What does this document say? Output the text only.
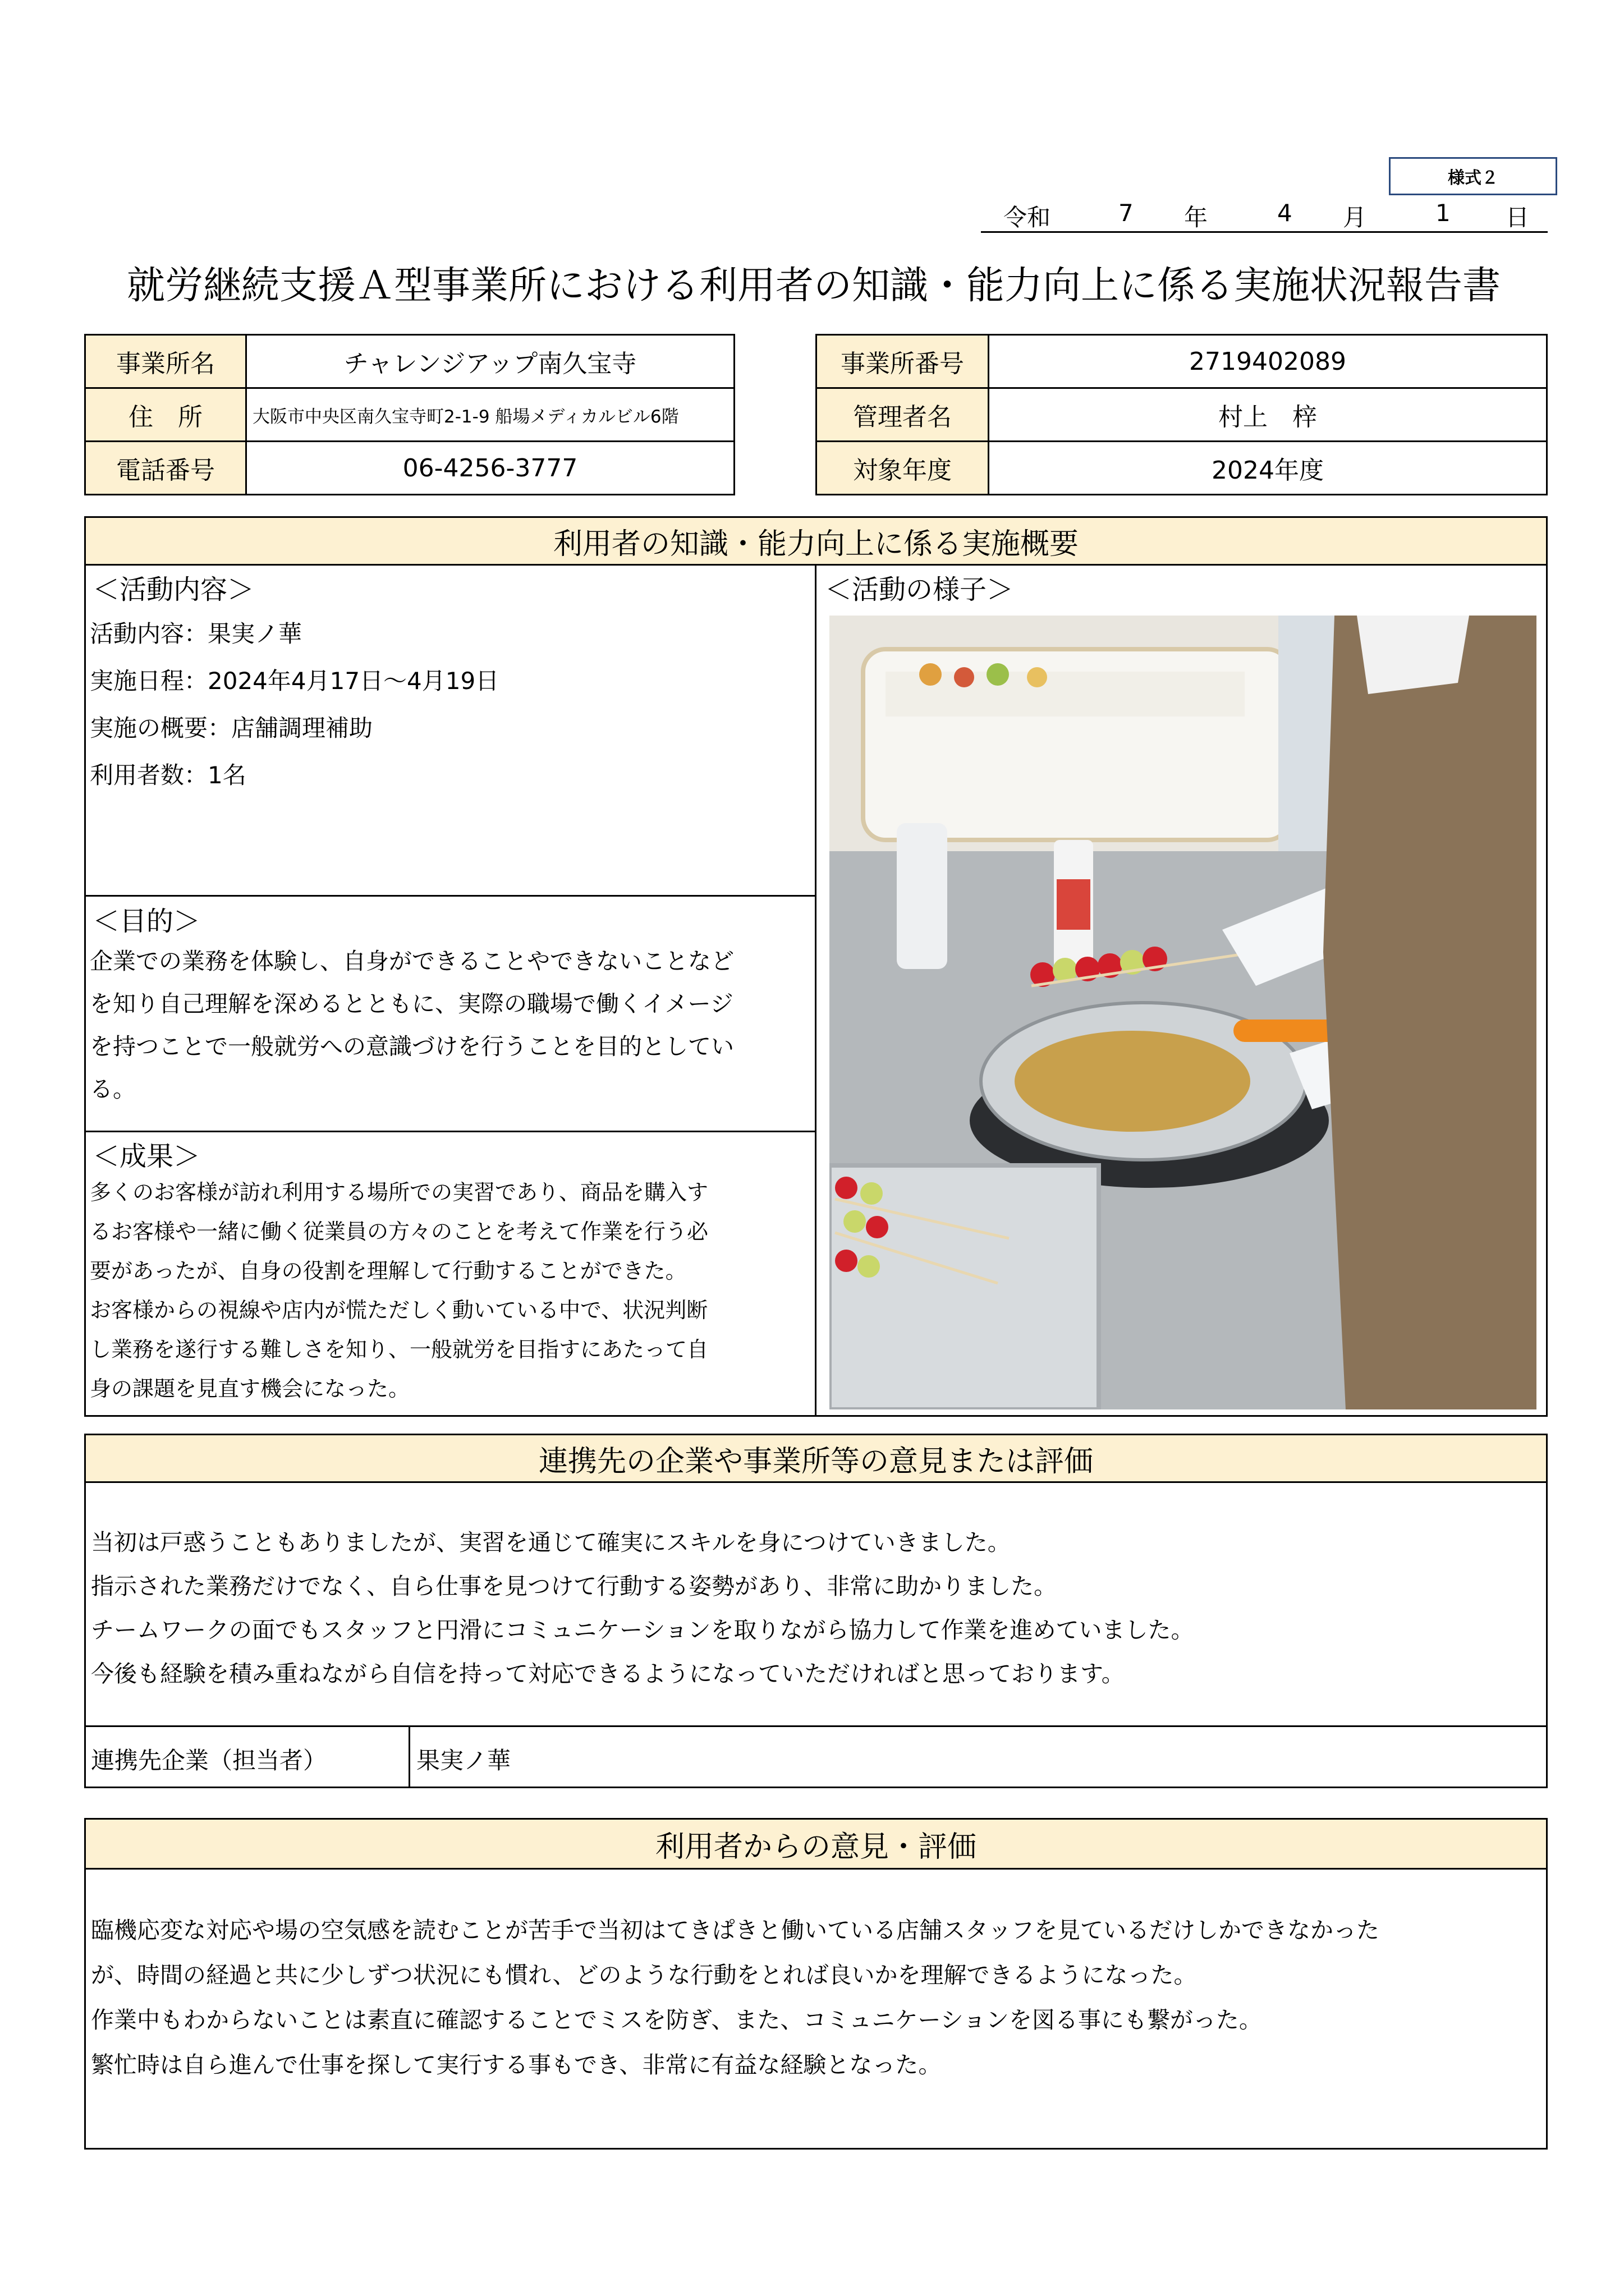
様式２
令和	7 年	4 月	1 日
就労継続支援Ａ型事業所における利用者の知識・能力向上に係る実施状況報告書
事業所名	チャレンジアップ南久宝寺
住　所	大阪市中央区南久宝寺町2-1-9 船場メディカルビル6階
電話番号	06-4256-3777
事業所番号	2719402089
管理者名	村上　梓
対象年度	2024年度
利用者の知識・能力向上に係る実施概要
＜活動内容＞
活動内容：果実ノ華
実施日程：2024年4月17日～4月19日
実施の概要：店舗調理補助
利用者数：1名
＜目的＞
企業での業務を体験し、自身ができることやできないことなど
を知り自己理解を深めるとともに、実際の職場で働くイメージ
を持つことで一般就労への意識づけを行うことを目的としてい
る。
＜成果＞
多くのお客様が訪れ利用する場所での実習であり、商品を購入す
るお客様や一緒に働く従業員の方々のことを考えて作業を行う必
要があったが、自身の役割を理解して行動することができた。
お客様からの視線や店内が慌ただしく動いている中で、状況判断
し業務を遂行する難しさを知り、一般就労を目指すにあたって自
身の課題を見直す機会になった。
＜活動の様子＞
連携先の企業や事業所等の意見または評価
当初は戸惑うこともありましたが、実習を通じて確実にスキルを身につけていきました。
指示された業務だけでなく、自ら仕事を見つけて行動する姿勢があり、非常に助かりました。
チームワークの面でもスタッフと円滑にコミュニケーションを取りながら協力して作業を進めていました。
今後も経験を積み重ねながら自信を持って対応できるようになっていただければと思っております。
連携先企業（担当者）	果実ノ華
利用者からの意見・評価
臨機応変な対応や場の空気感を読むことが苦手で当初はてきぱきと働いている店舗スタッフを見ているだけしかできなかった
が、時間の経過と共に少しずつ状況にも慣れ、どのような行動をとれば良いかを理解できるようになった。
作業中もわからないことは素直に確認することでミスを防ぎ、また、コミュニケーションを図る事にも繋がった。
繁忙時は自ら進んで仕事を探して実行する事もでき、非常に有益な経験となった。
